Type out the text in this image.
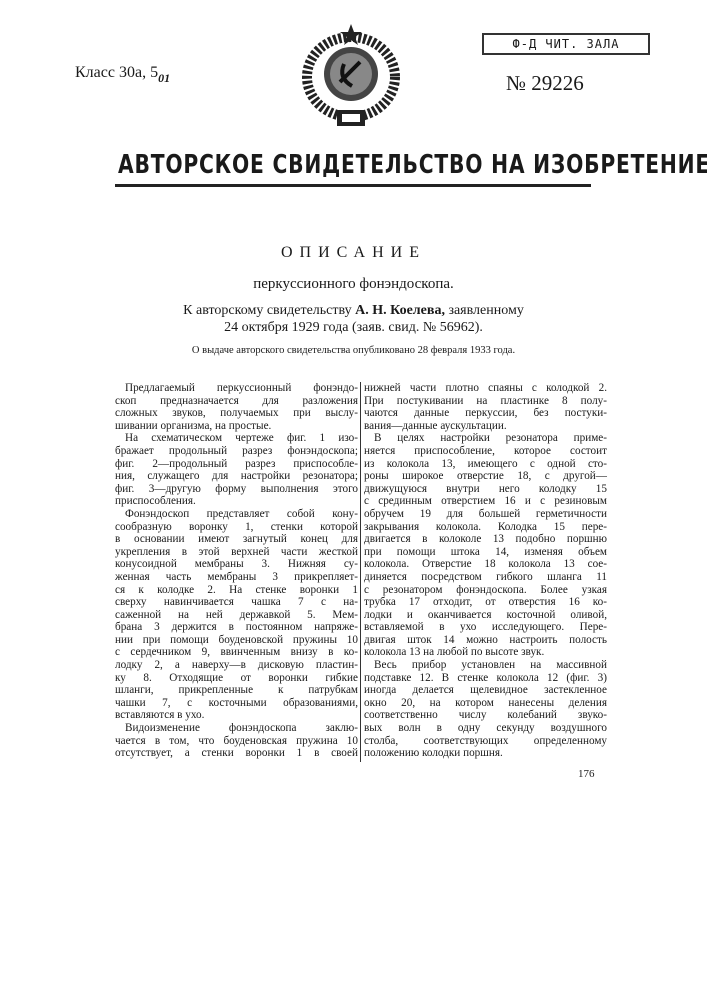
Класс 30а, 501
Ф-Д ЧИТ. ЗАЛА
№ 29226
АВТОРСКОЕ СВИДЕТЕЛЬСТВО НА ИЗОБРЕТЕНИЕ
ОПИСАНИЕ
перкуссионного фонэндоскопа.
К авторскому свидетельству А. Н. Коелева, заявленному
24 октября 1929 года (заяв. свид. № 56962).
О выдаче авторского свидетельства опубликовано 28 февраля 1933 года.
Предлагаемый перкуссионный фонэндо-
скоп предназначается для разложения
сложных звуков, получаемых при выслу-
шивании организма, на простые.
На схематическом чертеже фиг. 1 изо-
бражает продольный разрез фонэндоскопа;
фиг. 2—продольный разрез приспособле-
ния, служащего для настройки резонатора;
фиг. 3—другую форму выполнения этого
приспособления.
Фонэндоскоп представляет собой кону-
сообразную воронку 1, стенки которой
в основании имеют загнутый конец для
укрепления в этой верхней части жесткой
конусоидной мембраны 3. Нижняя су-
женная часть мембраны 3 прикрепляет-
ся к колодке 2. На стенке воронки 1
сверху навинчивается чашка 7 с на-
саженной на ней державкой 5. Мем-
брана 3 держится в постоянном напряже-
нии при помощи боуденовской пружины 10
с сердечником 9, ввинченным внизу в ко-
лодку 2, а наверху—в дисковую пластин-
ку 8. Отходящие от воронки гибкие
шланги, прикрепленные к патрубкам
чашки 7, с косточными образованиями,
вставляются в ухо.
Видоизменение фонэндоскопа заклю-
чается в том, что боуденовская пружина 10
отсутствует, а стенки воронки 1 в своей
нижней части плотно спаяны с колодкой 2.
При постукивании на пластинке 8 полу-
чаются данные перкуссии, без постуки-
вания—данные аускультации.
В целях настройки резонатора приме-
няется приспособление, которое состоит
из колокола 13, имеющего с одной сто-
роны широкое отверстие 18, с другой—
движущуюся внутри него колодку 15
с срединным отверстием 16 и с резиновым
обручем 19 для большей герметичности
закрывания колокола. Колодка 15 пере-
двигается в колоколе 13 подобно поршню
при помощи штока 14, изменяя объем
колокола. Отверстие 18 колокола 13 сое-
диняется посредством гибкого шланга 11
с резонатором фонэндоскопа. Более узкая
трубка 17 отходит, от отверстия 16 ко-
лодки и оканчивается косточной оливой,
вставляемой в ухо исследующего. Пере-
двигая шток 14 можно настроить полость
колокола 13 на любой по высоте звук.
Весь прибор установлен на массивной
подставке 12. В стенке колокола 12 (фиг. 3)
иногда делается щелевидное застекленное
окно 20, на котором нанесены деления
соответственно числу колебаний звуко-
вых волн в одну секунду воздушного
столба, соответствующих определенному
положению колодки поршня.
176
